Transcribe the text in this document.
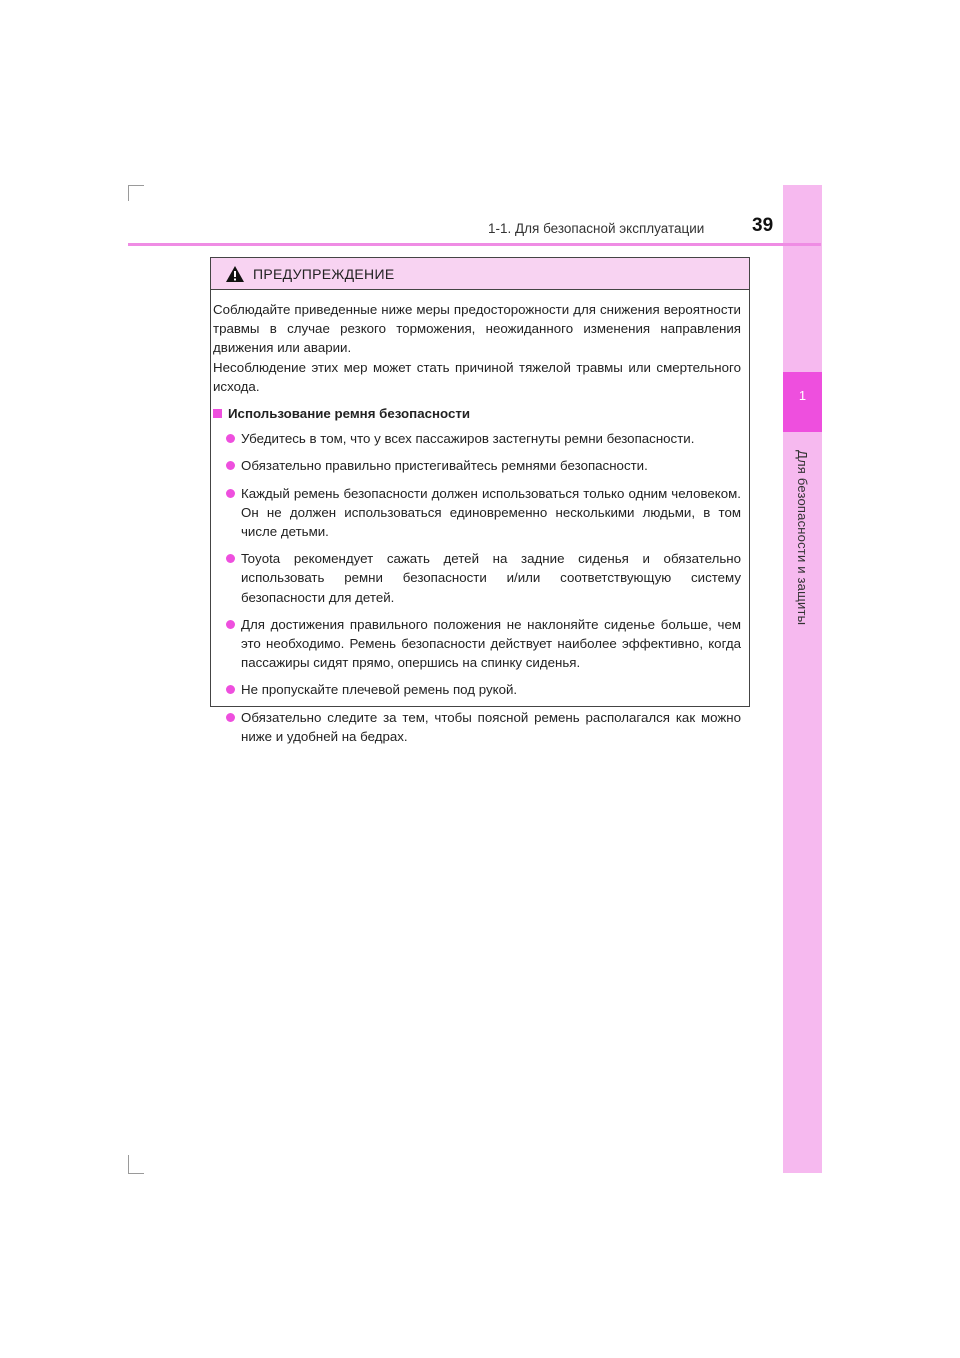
1
Для безопасности и защиты
1-1. Для безопасной эксплуатации	39
ПРЕДУПРЕЖДЕНИЕ
Соблюдайте приведенные ниже меры предосторожности для снижения вероятности травмы в случае резкого торможения, неожиданного изменения направления движения или аварии.
Несоблюдение этих мер может стать причиной тяжелой травмы или смертельного исхода.
Использование ремня безопасности
Убедитесь в том, что у всех пассажиров застегнуты ремни безопасности.
Обязательно правильно пристегивайтесь ремнями безопасности.
Каждый ремень безопасности должен использоваться только одним человеком. Он не должен использоваться единовременно несколькими людьми, в том числе детьми.
Toyota рекомендует сажать детей на задние сиденья и обязательно использовать ремни безопасности и/или соответствующую систему безопасности для детей.
Для достижения правильного положения не наклоняйте сиденье больше, чем это необходимо. Ремень безопасности действует наиболее эффективно, когда пассажиры сидят прямо, опершись на спинку сиденья.
Не пропускайте плечевой ремень под рукой.
Обязательно следите за тем, чтобы поясной ремень располагался как можно ниже и удобней на бедрах.
